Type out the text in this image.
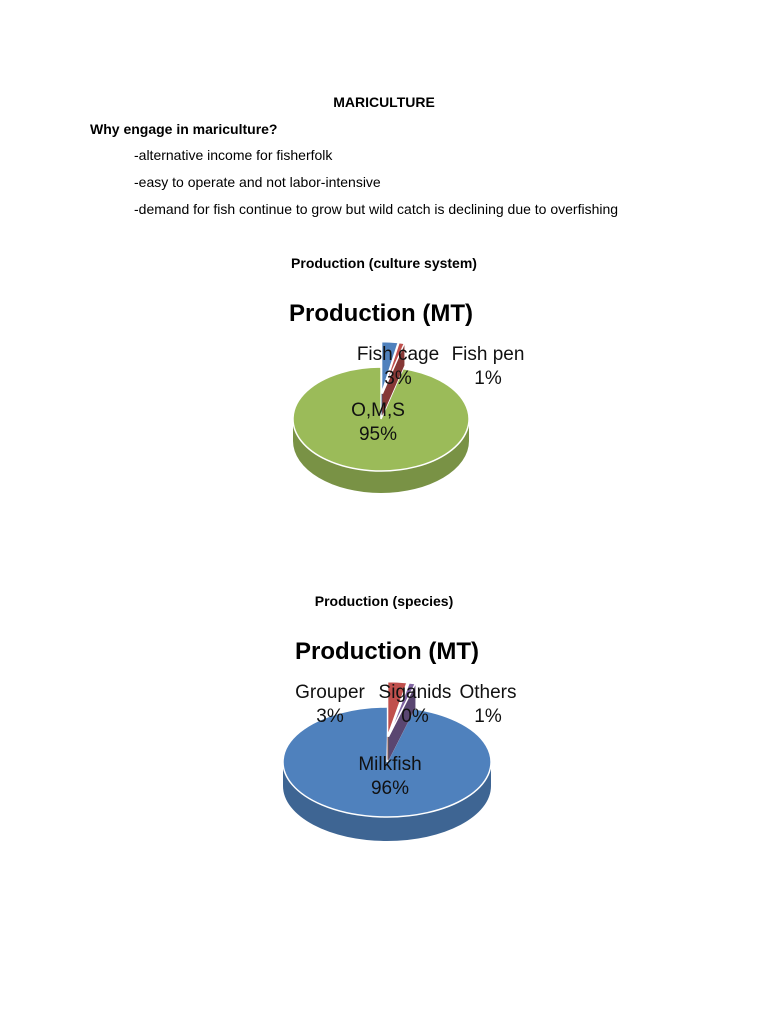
MARICULTURE
Why engage in mariculture?
-alternative income for fisherfolk
-easy to operate and not labor-intensive
-demand for fish continue to grow but wild catch is declining due to overfishing
Production (culture system)
Production (MT)
O,M,S
95%
Fish cage
3%
Fish pen
1%
Production (species)
Production (MT)
Milkfish
96%
Grouper
3%
Siganids
0%
Others
1%
